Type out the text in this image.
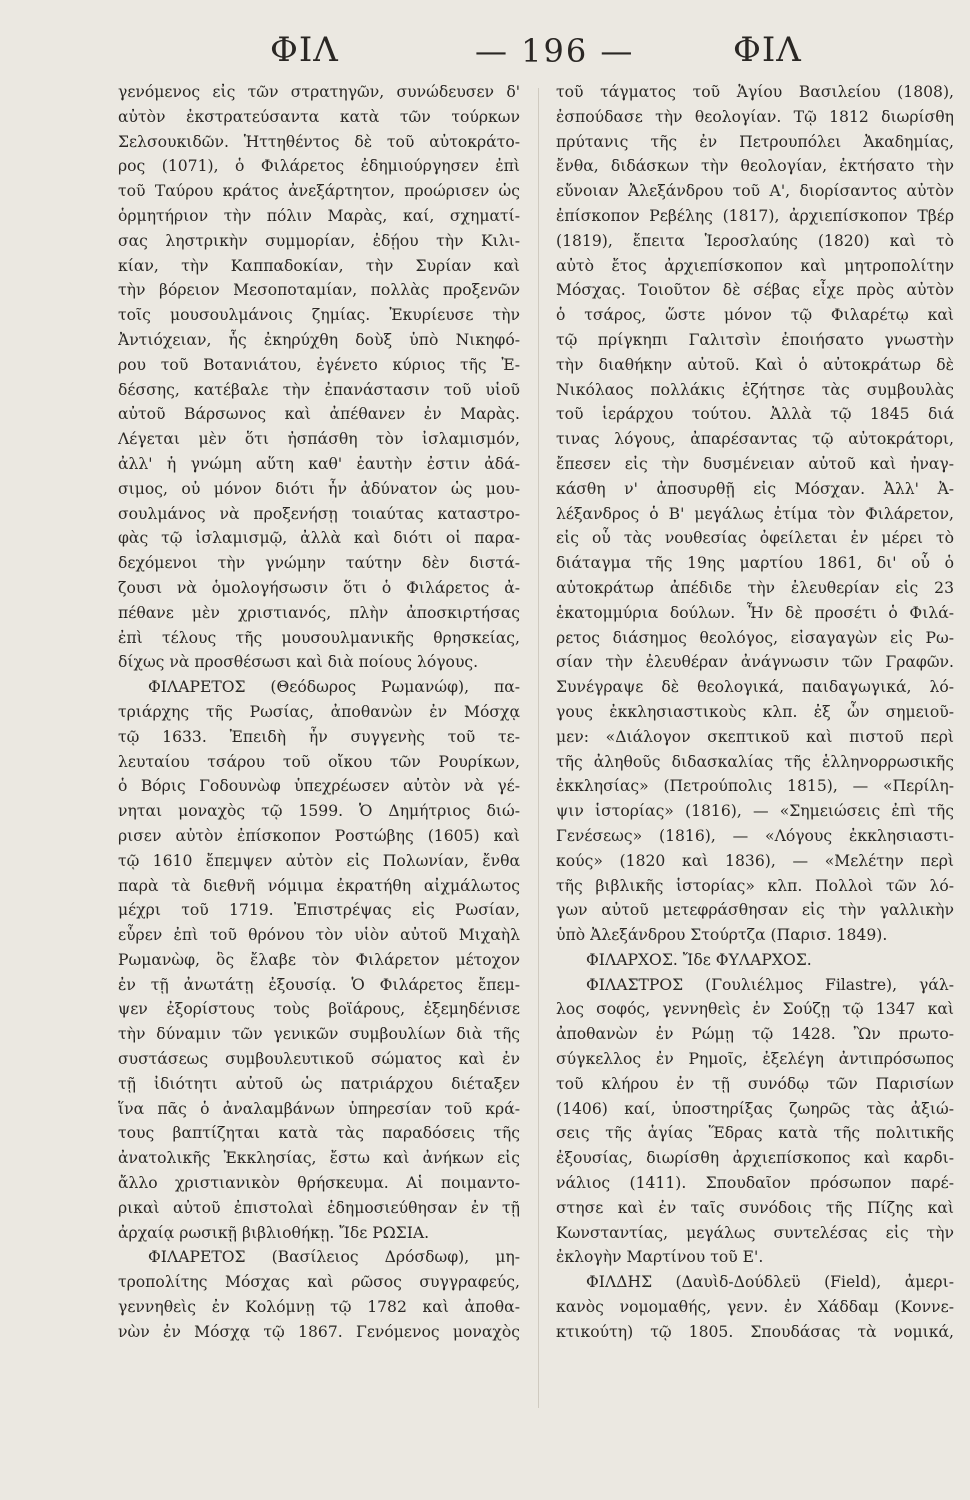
ΦΙΛ	— 196 —	ΦΙΛ
γενόμενος εἰς τῶν στρατηγῶν, συνώδευσεν δ'
αὐτὸν ἐκστρατεύσαντα κατὰ τῶν τούρκων
Σελσουκιδῶν. Ἡττηθέντος δὲ τοῦ αὐτοκράτο-
ρος (1071), ὁ Φιλάρετος ἐδημιούργησεν ἐπὶ
τοῦ Ταύρου κράτος ἀνεξάρτητον, προώρισεν ὡς
ὁρμητήριον τὴν πόλιν Μαρὰς, καί, σχηματί-
σας ληστρικὴν συμμορίαν, ἐδῄου τὴν Κιλι-
κίαν, τὴν Καππαδοκίαν, τὴν Συρίαν καὶ
τὴν βόρειον Μεσοποταμίαν, πολλὰς προξενῶν
τοῖς μουσουλμάνοις ζημίας. Ἐκυρίευσε τὴν
Ἀντιόχειαν, ἧς ἐκηρύχθη δοὺξ ὑπὸ Νικηφό-
ρου τοῦ Βοτανιάτου, ἐγένετο κύριος τῆς Ἐ-
δέσσης, κατέβαλε τὴν ἐπανάστασιν τοῦ υἱοῦ
αὐτοῦ Βάρσωνος καὶ ἀπέθανεν ἐν Μαρὰς.
Λέγεται μὲν ὅτι ἠσπάσθη τὸν ἰσλαμισμόν,
ἀλλ' ἡ γνώμη αὕτη καθ' ἑαυτὴν ἐστιν ἀδά-
σιμος, οὐ μόνον διότι ἦν ἀδύνατον ὡς μου-
σουλμάνος νὰ προξενήσῃ τοιαύτας καταστρο-
φὰς τῷ ἰσλαμισμῷ, ἀλλὰ καὶ διότι οἱ παρα-
δεχόμενοι τὴν γνώμην ταύτην δὲν διστά-
ζουσι νὰ ὁμολογήσωσιν ὅτι ὁ Φιλάρετος ἀ-
πέθανε μὲν χριστιανός, πλὴν ἀποσκιρτήσας
ἐπὶ τέλους τῆς μουσουλμανικῆς θρησκείας,
δίχως νὰ προσθέσωσι καὶ διὰ ποίους λόγους.
ΦΙΛΑΡΕΤΟΣ (Θεόδωρος Ρωμανώφ), πα-
τριάρχης τῆς Ρωσίας, ἀποθανὼν ἐν Μόσχᾳ
τῷ 1633. Ἐπειδὴ ἦν συγγενὴς τοῦ τε-
λευταίου τσάρου τοῦ οἴκου τῶν Ρουρίκων,
ὁ Βόρις Γοδουνὼφ ὑπεχρέωσεν αὐτὸν νὰ γέ-
νηται μοναχὸς τῷ 1599. Ὁ Δημήτριος διώ-
ρισεν αὐτὸν ἐπίσκοπον Ροστώβης (1605) καὶ
τῷ 1610 ἔπεμψεν αὐτὸν εἰς Πολωνίαν, ἔνθα
παρὰ τὰ διεθνῆ νόμιμα ἐκρατήθη αἰχμάλωτος
μέχρι τοῦ 1719. Ἐπιστρέψας εἰς Ρωσίαν,
εὗρεν ἐπὶ τοῦ θρόνου τὸν υἱὸν αὐτοῦ Μιχαὴλ
Ρωμανὼφ, ὃς ἔλαβε τὸν Φιλάρετον μέτοχον
ἐν τῇ ἀνωτάτῃ ἐξουσίᾳ. Ὁ Φιλάρετος ἔπεμ-
ψεν ἐξορίστους τοὺς βοϊάρους, ἐξεμηδένισε
τὴν δύναμιν τῶν γενικῶν συμβουλίων διὰ τῆς
συστάσεως συμβουλευτικοῦ σώματος καὶ ἐν
τῇ ἰδιότητι αὐτοῦ ὡς πατριάρχου διέταξεν
ἵνα πᾶς ὁ ἀναλαμβάνων ὑπηρεσίαν τοῦ κρά-
τους βαπτίζηται κατὰ τὰς παραδόσεις τῆς
ἀνατολικῆς Ἐκκλησίας, ἔστω καὶ ἀνήκων εἰς
ἄλλο χριστιανικὸν θρήσκευμα. Αἱ ποιμαντο-
ρικαὶ αὐτοῦ ἐπιστολαὶ ἐδημοσιεύθησαν ἐν τῇ
ἀρχαίᾳ ρωσικῇ βιβλιοθήκῃ. Ἴδε ΡΩΣΙΑ.
ΦΙΛΑΡΕΤΟΣ (Βασίλειος Δρόσδωφ), μη-
τροπολίτης Μόσχας καὶ ρῶσος συγγραφεύς,
γεννηθεὶς ἐν Κολόμνῃ τῷ 1782 καὶ ἀποθα-
νὼν ἐν Μόσχᾳ τῷ 1867. Γενόμενος μοναχὸς
τοῦ τάγματος τοῦ Ἁγίου Βασιλείου (1808),
ἐσπούδασε τὴν θεολογίαν. Τῷ 1812 διωρίσθη
πρύτανις τῆς ἐν Πετρουπόλει Ἀκαδημίας,
ἔνθα, διδάσκων τὴν θεολογίαν, ἐκτήσατο τὴν
εὔνοιαν Ἀλεξάνδρου τοῦ Α', διορίσαντος αὐτὸν
ἐπίσκοπον Ρεβέλης (1817), ἀρχιεπίσκοπον Τβέρ
(1819), ἔπειτα Ἱεροσλαύης (1820) καὶ τὸ
αὐτὸ ἔτος ἀρχιεπίσκοπον καὶ μητροπολίτην
Μόσχας. Τοιοῦτον δὲ σέβας εἶχε πρὸς αὐτὸν
ὁ τσάρος, ὥστε μόνον τῷ Φιλαρέτῳ καὶ
τῷ πρίγκηπι Γαλιτσὶν ἐποιήσατο γνωστὴν
τὴν διαθήκην αὐτοῦ. Καὶ ὁ αὐτοκράτωρ δὲ
Νικόλαος πολλάκις ἐζήτησε τὰς συμβουλὰς
τοῦ ἱεράρχου τούτου. Ἀλλὰ τῷ 1845 διά
τινας λόγους, ἀπαρέσαντας τῷ αὐτοκράτορι,
ἔπεσεν εἰς τὴν δυσμένειαν αὐτοῦ καὶ ἠναγ-
κάσθη ν' ἀποσυρθῇ εἰς Μόσχαν. Ἀλλ' Ἀ-
λέξανδρος ὁ Β' μεγάλως ἐτίμα τὸν Φιλάρετον,
εἰς οὗ τὰς νουθεσίας ὀφείλεται ἐν μέρει τὸ
διάταγμα τῆς 19ης μαρτίου 1861, δι' οὗ ὁ
αὐτοκράτωρ ἀπέδιδε τὴν ἐλευθερίαν εἰς 23
ἑκατομμύρια δούλων. Ἦν δὲ προσέτι ὁ Φιλά-
ρετος διάσημος θεολόγος, εἰσαγαγὼν εἰς Ρω-
σίαν τὴν ἐλευθέραν ἀνάγνωσιν τῶν Γραφῶν.
Συνέγραψε δὲ θεολογικά, παιδαγωγικά, λό-
γους ἐκκλησιαστικοὺς κλπ. ἐξ ὧν σημειοῦ-
μεν: «Διάλογον σκεπτικοῦ καὶ πιστοῦ περὶ
τῆς ἀληθοῦς διδασκαλίας τῆς ἑλληνορρωσικῆς
ἐκκλησίας» (Πετρούπολις 1815), — «Περίλη-
ψιν ἱστορίας» (1816), — «Σημειώσεις ἐπὶ τῆς
Γενέσεως» (1816), — «Λόγους ἐκκλησιαστι-
κούς» (1820 καὶ 1836), — «Μελέτην περὶ
τῆς βιβλικῆς ἱστορίας» κλπ. Πολλοὶ τῶν λό-
γων αὐτοῦ μετεφράσθησαν εἰς τὴν γαλλικὴν
ὑπὸ Ἀλεξάνδρου Στούρτζα (Παρισ. 1849).
ΦΙΛΑΡΧΟΣ. Ἴδε ΦΥΛΑΡΧΟΣ.
ΦΙΛΑΣΤΡΟΣ (Γουλιέλμος Filastre), γάλ-
λος σοφός, γεννηθεὶς ἐν Σούζῃ τῷ 1347 καὶ
ἀποθανὼν ἐν Ρώμῃ τῷ 1428. Ὢν πρωτο-
σύγκελλος ἐν Ρημοῖς, ἐξελέγη ἀντιπρόσωπος
τοῦ κλήρου ἐν τῇ συνόδῳ τῶν Παρισίων
(1406) καί, ὑποστηρίξας ζωηρῶς τὰς ἀξιώ-
σεις τῆς ἁγίας Ἕδρας κατὰ τῆς πολιτικῆς
ἐξουσίας, διωρίσθη ἀρχιεπίσκοπος καὶ καρδι-
νάλιος (1411). Σπουδαῖον πρόσωπον παρέ-
στησε καὶ ἐν ταῖς συνόδοις τῆς Πίζης καὶ
Κωνσταντίας, μεγάλως συντελέσας εἰς τὴν
ἐκλογὴν Μαρτίνου τοῦ Ε'.
ΦΙΛΔΗΣ (Δαυὶδ-Δούδλεϋ (Field), ἀμερι-
κανὸς νομομαθής, γενν. ἐν Χάδδαμ (Κοννε-
κτικούτη) τῷ 1805. Σπουδάσας τὰ νομικά,
